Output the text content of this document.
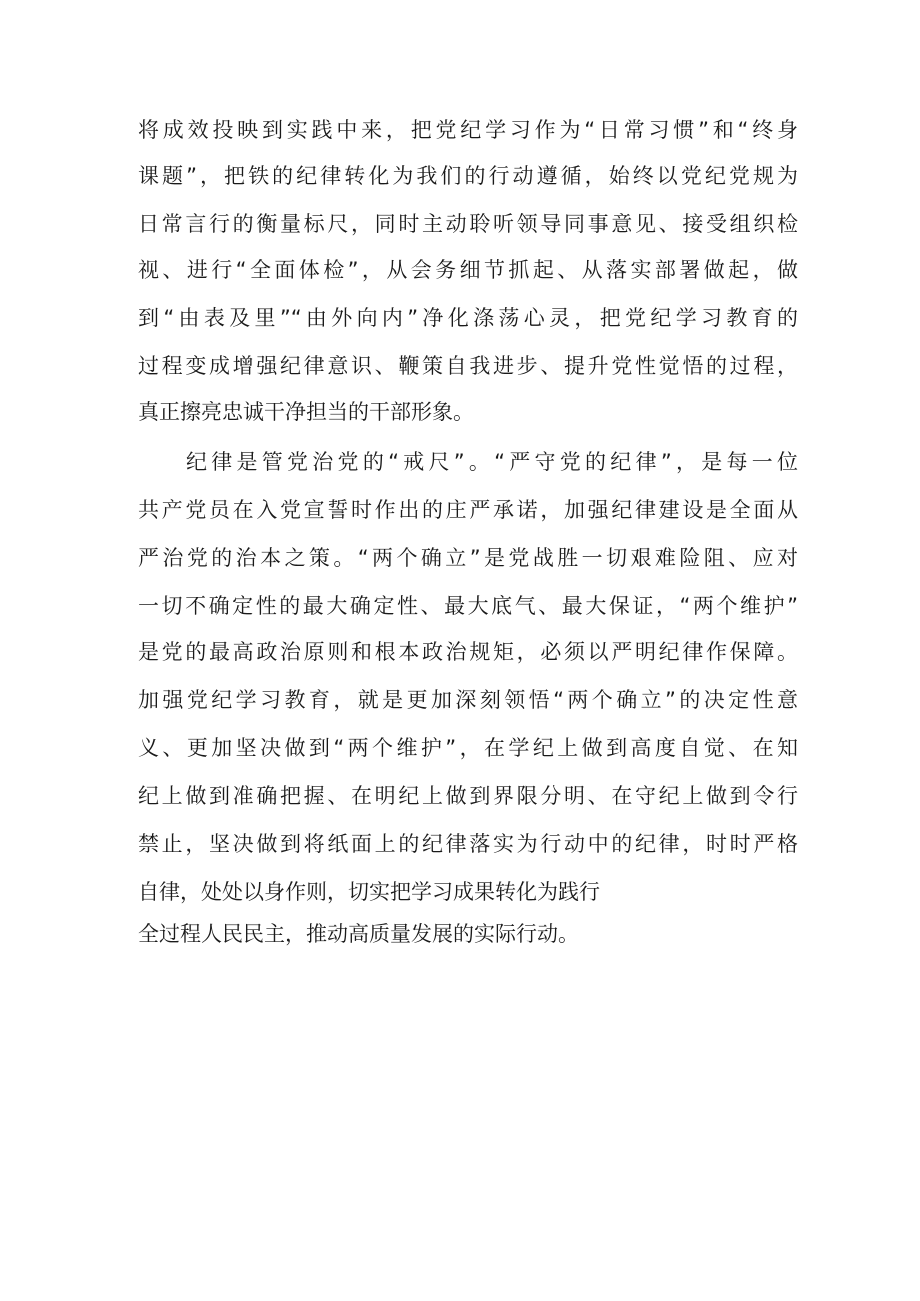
将成效投映到实践中来，把党纪学习作为“日常习惯”和“终身
课题”，把铁的纪律转化为我们的行动遵循，始终以党纪党规为
日常言行的衡量标尺，同时主动聆听领导同事意见、接受组织检
视、进行“全面体检”，从会务细节抓起、从落实部署做起，做
到“由表及里”“由外向内”净化涤荡心灵，把党纪学习教育的
过程变成增强纪律意识、鞭策自我进步、提升党性觉悟的过程，
真正擦亮忠诚干净担当的干部形象。
纪律是管党治党的“戒尺”。“严守党的纪律”，是每一位
共产党员在入党宣誓时作出的庄严承诺，加强纪律建设是全面从
严治党的治本之策。“两个确立”是党战胜一切艰难险阻、应对
一切不确定性的最大确定性、最大底气、最大保证，“两个维护”
是党的最高政治原则和根本政治规矩，必须以严明纪律作保障。
加强党纪学习教育，就是更加深刻领悟“两个确立”的决定性意
义、更加坚决做到“两个维护”，在学纪上做到高度自觉、在知
纪上做到准确把握、在明纪上做到界限分明、在守纪上做到令行
禁止，坚决做到将纸面上的纪律落实为行动中的纪律，时时严格
自律，处处以身作则，切实把学习成果转化为践行
全过程人民民主，推动高质量发展的实际行动。
